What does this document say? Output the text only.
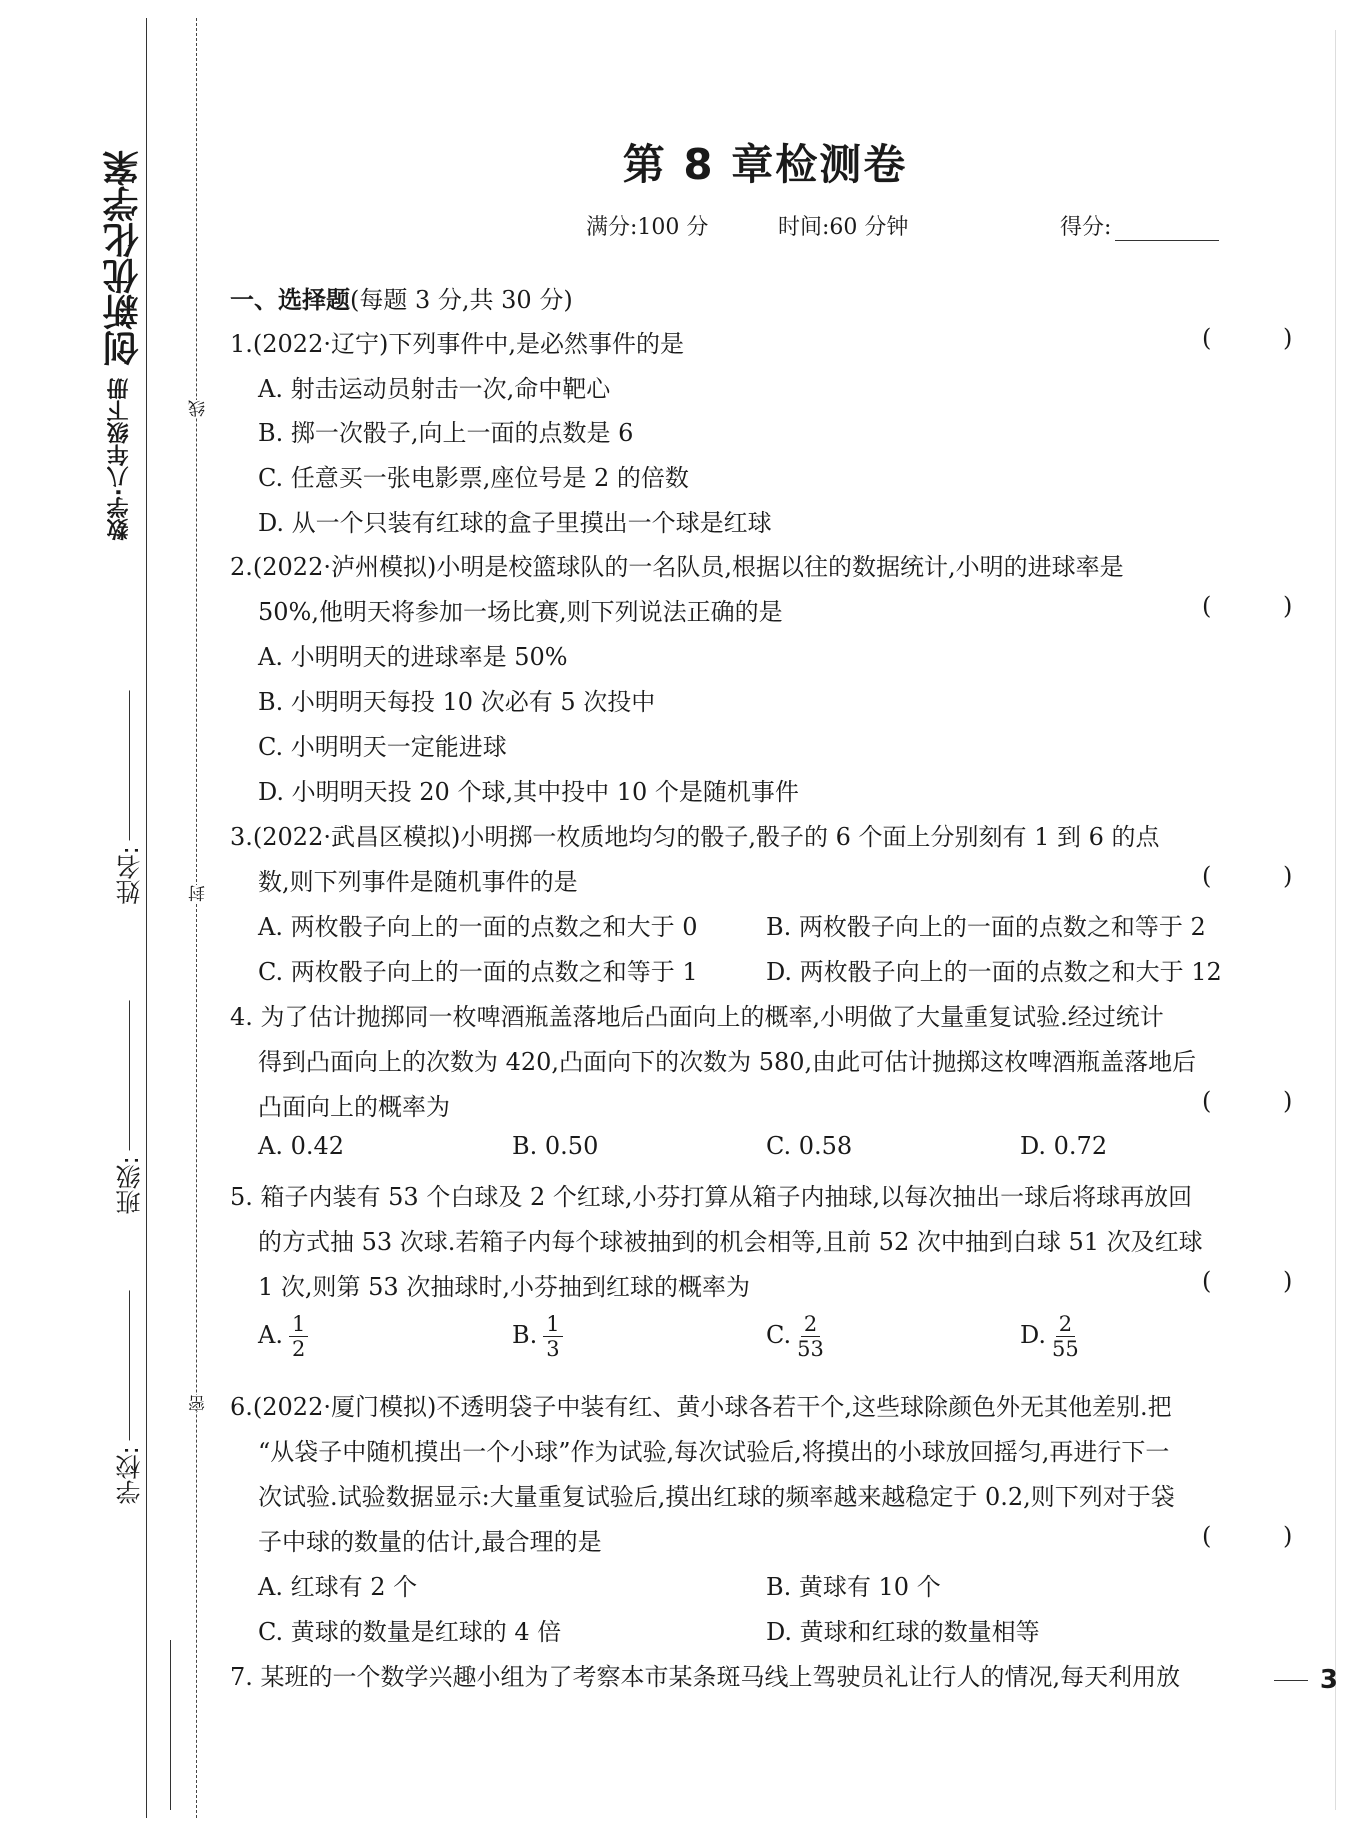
创新优化学案
数学·八年级下册
姓名:
班级:
学校:
线
封
密
第 8 章检测卷
满分:100 分	时间:60 分钟	得分:
一、选择题(每题 3 分,共 30 分)
1.(2022·辽宁)下列事件中,是必然事件的是	( )
A. 射击运动员射击一次,命中靶心
B. 掷一次骰子,向上一面的点数是 6
C. 任意买一张电影票,座位号是 2 的倍数
D. 从一个只装有红球的盒子里摸出一个球是红球
2.(2022·泸州模拟)小明是校篮球队的一名队员,根据以往的数据统计,小明的进球率是
50%,他明天将参加一场比赛,则下列说法正确的是	( )
A. 小明明天的进球率是 50%
B. 小明明天每投 10 次必有 5 次投中
C. 小明明天一定能进球
D. 小明明天投 20 个球,其中投中 10 个是随机事件
3.(2022·武昌区模拟)小明掷一枚质地均匀的骰子,骰子的 6 个面上分别刻有 1 到 6 的点
数,则下列事件是随机事件的是	( )
A. 两枚骰子向上的一面的点数之和大于 0	B. 两枚骰子向上的一面的点数之和等于 2
C. 两枚骰子向上的一面的点数之和等于 1	D. 两枚骰子向上的一面的点数之和大于 12
4. 为了估计抛掷同一枚啤酒瓶盖落地后凸面向上的概率,小明做了大量重复试验.经过统计
得到凸面向上的次数为 420,凸面向下的次数为 580,由此可估计抛掷这枚啤酒瓶盖落地后
凸面向上的概率为	( )
A. 0.42	B. 0.50	C. 0.58	D. 0.72
5. 箱子内装有 53 个白球及 2 个红球,小芬打算从箱子内抽球,以每次抽出一球后将球再放回
的方式抽 53 次球.若箱子内每个球被抽到的机会相等,且前 52 次中抽到白球 51 次及红球
1 次,则第 53 次抽球时,小芬抽到红球的概率为	( )
A. $\frac{1}{2}$	B. $\frac{1}{3}$	C. $\frac{2}{53}$	D. $\frac{2}{55}$
6.(2022·厦门模拟)不透明袋子中装有红、黄小球各若干个,这些球除颜色外无其他差别.把
“从袋子中随机摸出一个小球”作为试验,每次试验后,将摸出的小球放回摇匀,再进行下一
次试验.试验数据显示:大量重复试验后,摸出红球的频率越来越稳定于 0.2,则下列对于袋
子中球的数量的估计,最合理的是	( )
A. 红球有 2 个	B. 黄球有 10 个
C. 黄球的数量是红球的 4 倍	D. 黄球和红球的数量相等
7. 某班的一个数学兴趣小组为了考察本市某条斑马线上驾驶员礼让行人的情况,每天利用放	3
